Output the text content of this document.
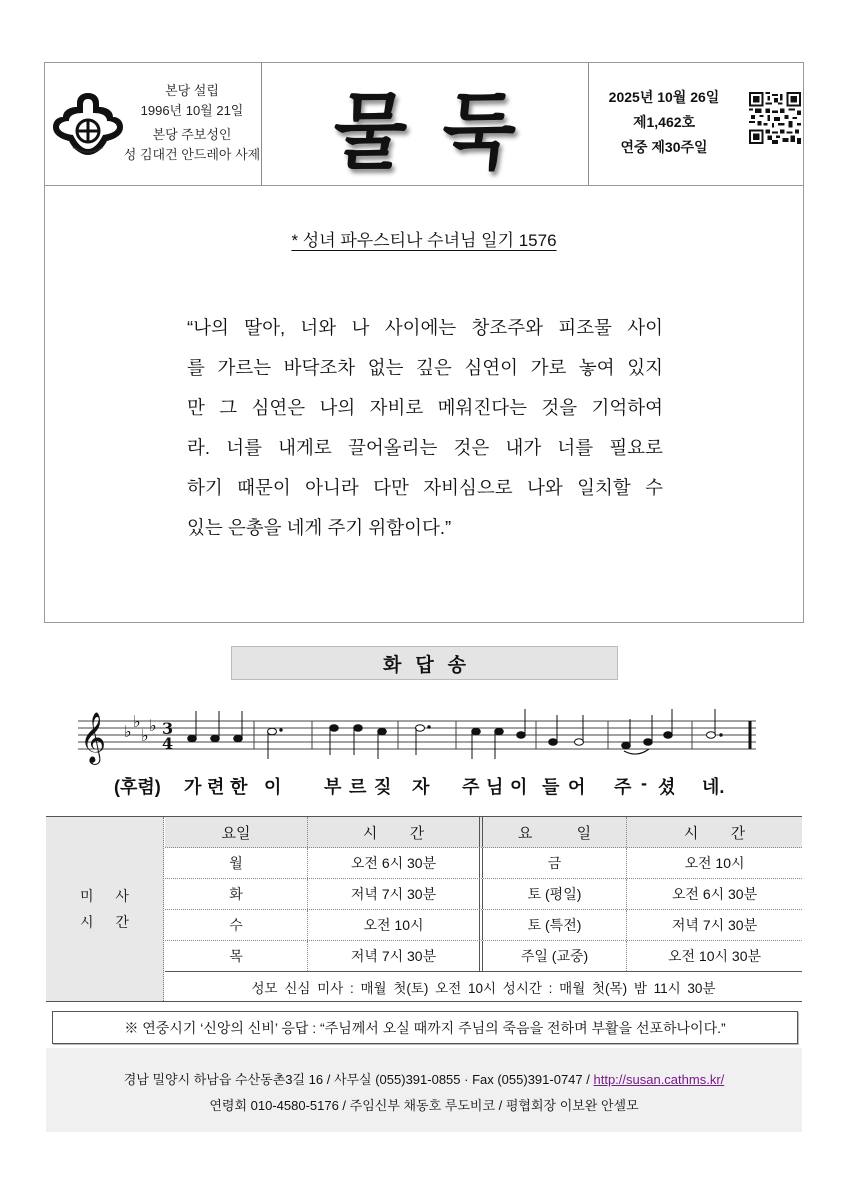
본당 설립
1996년 10월 21일
본당 주보성인
성 김대건 안드레아 사제 물 둑	2025년 10월 26일
제1,462호
연중 제30주일
* 성녀 파우스티나 수녀님 일기 1576
“나의 딸아, 너와 나 사이에는 창조주와 피조물 사이
를 가르는 바닥조차 없는 깊은 심연이 가로 놓여 있지
만 그 심연은 나의 자비로 메워진다는 것을 기억하여
라. 너를 내게로 끌어올리는 것은 내가 너를 필요로
하기 때문이 아니라 다만 자비심으로 나와 일치할 수
있는 은총을 네게 주기 위함이다.”
화답송
𝄞 ♭
♭
♭
♭ 3
4
(후렴) 가 련 한 이 부 르 짖 자 주 님 이 들 어 주 - 셨 네.
미 사
시 간
요일	시 간	요 일	시 간
월	오전 6시 30분	금	오전 10시
화	저녁 7시 30분	토 (평일)	오전 6시 30분
수	오전 10시	토 (특전)	저녁 7시 30분
목	저녁 7시 30분	주일 (교중)	오전 10시 30분
성모 신심 미사 : 매월 첫(토) 오전 10시 성시간 : 매월 첫(목) 밤 11시 30분
※ 연중시기 ‘신앙의 신비’ 응답 : “주님께서 오실 때까지 주님의 죽음을 전하며 부활을 선포하나이다.”
경남 밀양시 하남읍 수산동촌3길 16 / 사무실 (055)391-0855 · Fax (055)391-0747 / http://susan.cathms.kr/
연령회 010-4580-5176 / 주임신부 채동호 루도비코 / 평협회장 이보완 안셀모
